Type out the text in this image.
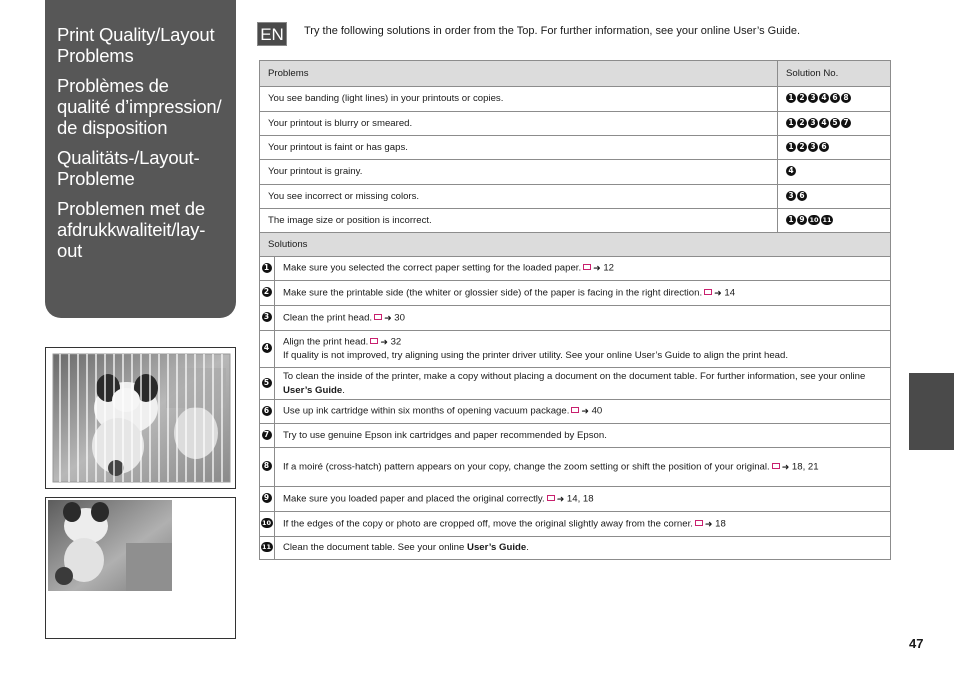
Print Quality/Layout Problems
Problèmes de qualité d’impression/ de disposition
Qualitäts-/Layout-Probleme
Problemen met de afdrukkwaliteit/lay-out
EN Try the following solutions in order from the Top. For further information, see your online User’s Guide.
Problems		Solution No.
You see banding (light lines) in your printouts or copies.		1 2 3 4 6 8
Your printout is blurry or smeared.		1 2 3 4 5 7
Your printout is faint or has gaps.		1 2 3 6
Your printout is grainy.		4
You see incorrect or missing colors.		3 6
The image size or position is incorrect.		1 9 10 11
Solutions		
1	Make sure you selected the correct paper setting for the loaded paper. ➜ 12	
2	Make sure the printable side (the whiter or glossier side) of the paper is facing in the right direction. ➜ 14	
3	Clean the print head. ➜ 30	
4	Align the print head. ➜ 32
If quality is not improved, try aligning using the printer driver utility. See your online User’s Guide to align the print head.	
5	To clean the inside of the printer, make a copy without placing a document on the document table. For further information, see your online User’s Guide.	
6	Use up ink cartridge within six months of opening vacuum package. ➜ 40	
7	Try to use genuine Epson ink cartridges and paper recommended by Epson.	
8	If a moiré (cross-hatch) pattern appears on your copy, change the zoom setting or shift the position of your original. ➜ 18, 21	
9	Make sure you loaded paper and placed the original correctly. ➜ 14, 18	
10	If the edges of the copy or photo are cropped off, move the original slightly away from the corner. ➜ 18	
11	Clean the document table. See your online User’s Guide.	
47
